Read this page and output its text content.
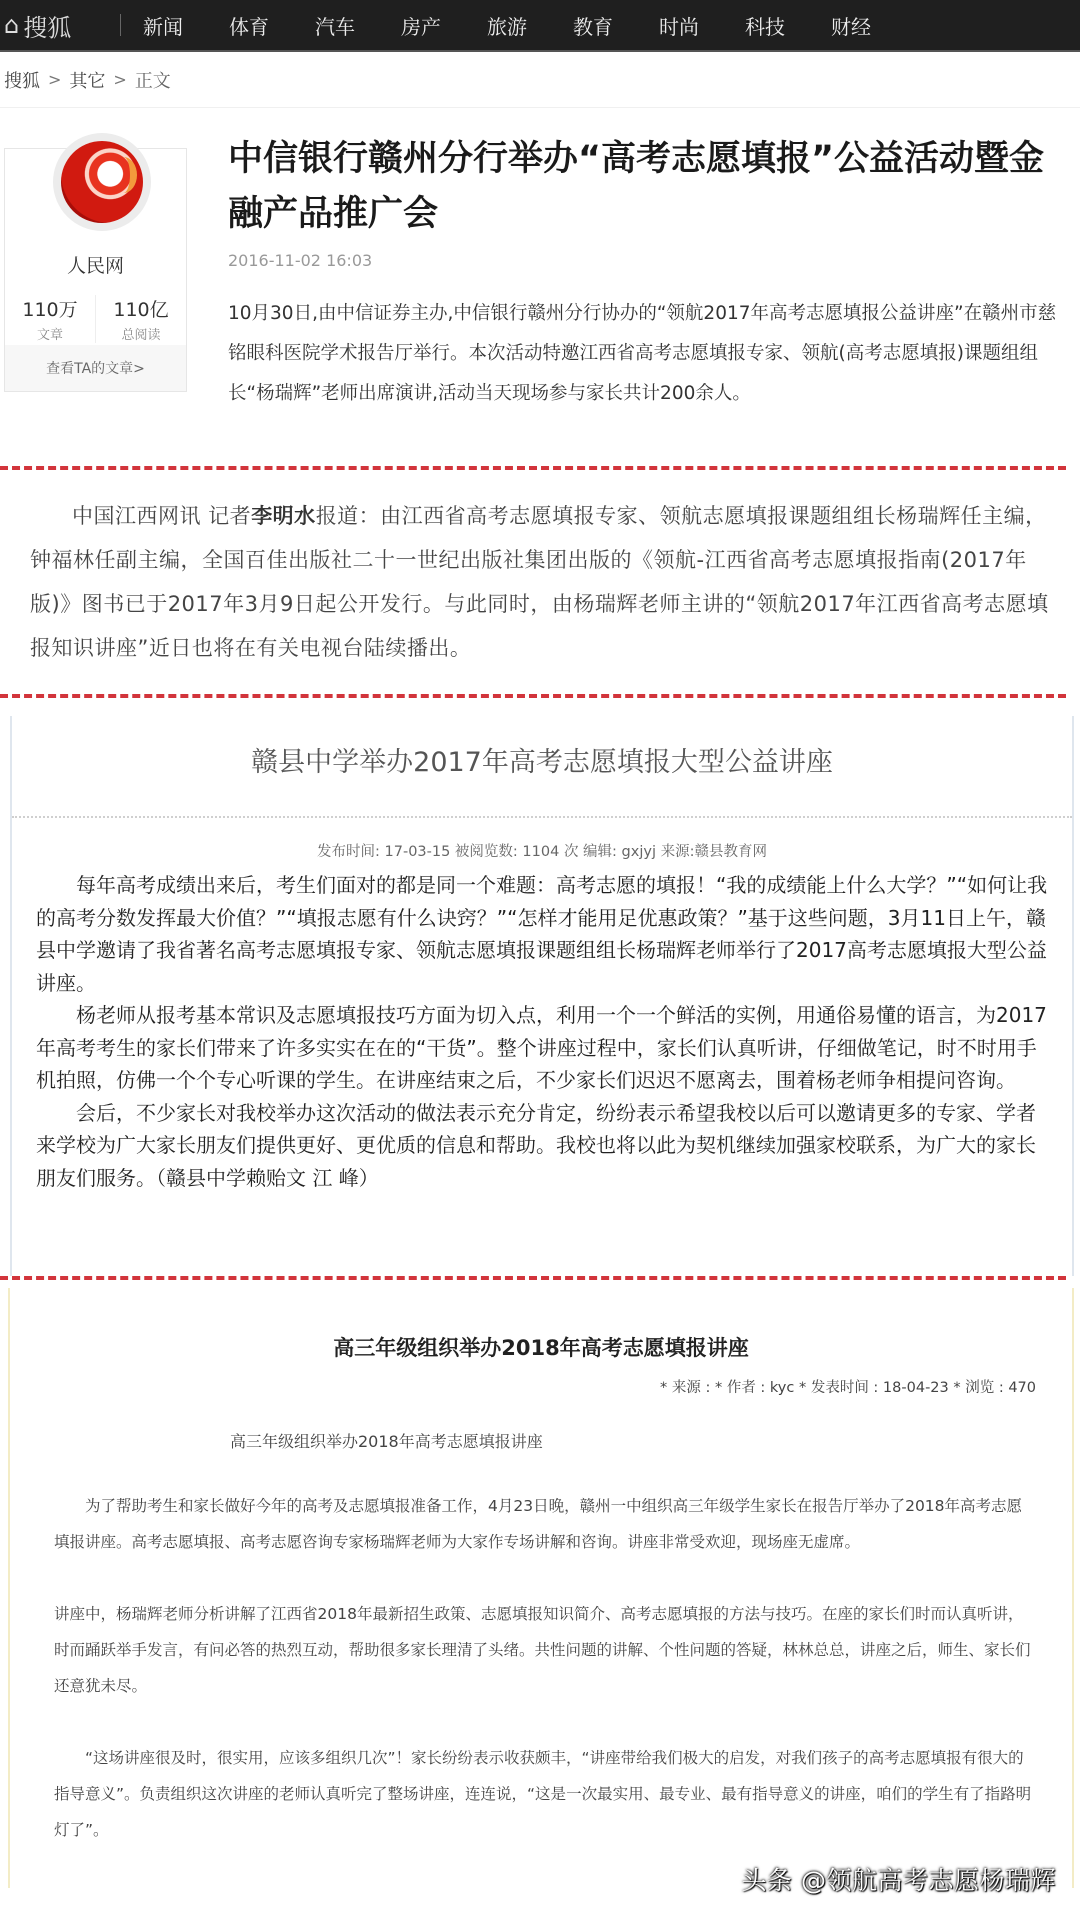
⌂ 搜狐	新闻	体育	汽车	房产	旅游	教育	时尚	科技	财经
搜狐 > 其它 > 正文
人民网
110万
文章
110亿
总阅读
查看TA的文章>
中信银行赣州分行举办“高考志愿填报”公益活动暨金融产品推广会
2016-11-02 16:03

10月30日,由中信证券主办,中信银行赣州分行协办的“领航2017年高考志愿填报公益讲座”在赣州市慈铭眼科医院学术报告厅举行。本次活动特邀江西省高考志愿填报专家、领航(高考志愿填报)课题组组长“杨瑞辉”老师出席演讲,活动当天现场参与家长共计200余人。

中国江西网讯 记者李明水报道：由江西省高考志愿填报专家、领航志愿填报课题组组长杨瑞辉任主编，钟福林任副主编，全国百佳出版社二十一世纪出版社集团出版的《领航-江西省高考志愿填报指南(2017年版)》图书已于2017年3月9日起公开发行。与此同时，由杨瑞辉老师主讲的“领航2017年江西省高考志愿填报知识讲座”近日也将在有关电视台陆续播出。

赣县中学举办2017年高考志愿填报大型公益讲座
发布时间: 17-03-15 被阅览数: 1104 次 编辑: gxjyj 来源:赣县教育网

每年高考成绩出来后，考生们面对的都是同一个难题：高考志愿的填报！“我的成绩能上什么大学？”“如何让我的高考分数发挥最大价值？”“填报志愿有什么诀窍？”“怎样才能用足优惠政策？”基于这些问题，3月11日上午，赣县中学邀请了我省著名高考志愿填报专家、领航志愿填报课题组组长杨瑞辉老师举行了2017高考志愿填报大型公益讲座。

杨老师从报考基本常识及志愿填报技巧方面为切入点，利用一个一个鲜活的实例，用通俗易懂的语言，为2017年高考考生的家长们带来了许多实实在在的“干货”。整个讲座过程中，家长们认真听讲，仔细做笔记，时不时用手机拍照，仿佛一个个专心听课的学生。在讲座结束之后，不少家长们迟迟不愿离去，围着杨老师争相提问咨询。

会后，不少家长对我校举办这次活动的做法表示充分肯定，纷纷表示希望我校以后可以邀请更多的专家、学者来学校为广大家长朋友们提供更好、更优质的信息和帮助。我校也将以此为契机继续加强家校联系，为广大的家长朋友们服务。（赣县中学赖贻文 江 峰）

高三年级组织举办2018年高考志愿填报讲座
* 来源 : * 作者 : kyc * 发表时间 : 18-04-23 * 浏览 : 470
高三年级组织举办2018年高考志愿填报讲座

为了帮助考生和家长做好今年的高考及志愿填报准备工作，4月23日晚，赣州一中组织高三年级学生家长在报告厅举办了2018年高考志愿填报讲座。高考志愿填报、高考志愿咨询专家杨瑞辉老师为大家作专场讲解和咨询。讲座非常受欢迎，现场座无虚席。

讲座中，杨瑞辉老师分析讲解了江西省2018年最新招生政策、志愿填报知识简介、高考志愿填报的方法与技巧。在座的家长们时而认真听讲，时而踊跃举手发言，有问必答的热烈互动，帮助很多家长理清了头绪。共性问题的讲解、个性问题的答疑，林林总总，讲座之后，师生、家长们还意犹未尽。

“这场讲座很及时，很实用，应该多组织几次”！家长纷纷表示收获颇丰，“讲座带给我们极大的启发，对我们孩子的高考志愿填报有很大的指导意义”。负责组织这次讲座的老师认真听完了整场讲座，连连说，“这是一次最实用、最专业、最有指导意义的讲座，咱们的学生有了指路明灯了”。

头条 @领航高考志愿杨瑞辉
